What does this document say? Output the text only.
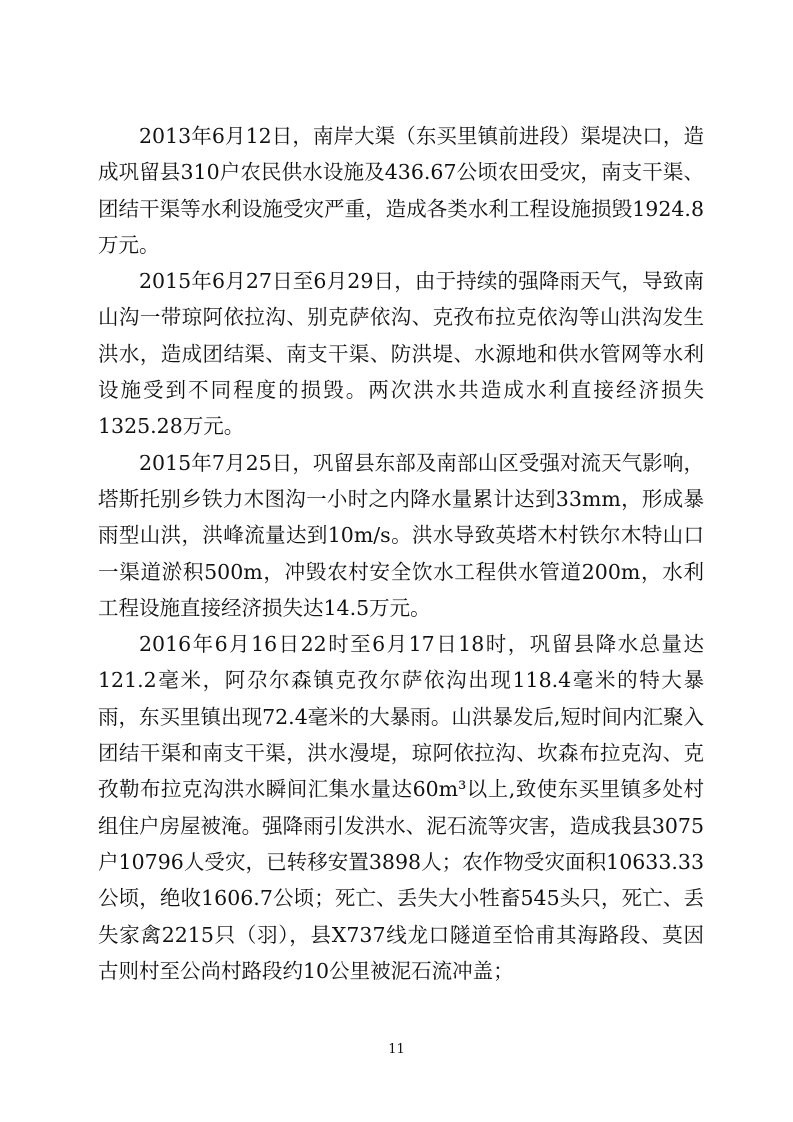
2013年6月12日，南岸大渠（东买里镇前进段）渠堤决口，造成巩留县310户农民供水设施及436.67公顷农田受灾，南支干渠、团结干渠等水利设施受灾严重，造成各类水利工程设施损毁1924.8万元。

2015年6月27日至6月29日，由于持续的强降雨天气，导致南山沟一带琼阿依拉沟、别克萨依沟、克孜布拉克依沟等山洪沟发生洪水，造成团结渠、南支干渠、防洪堤、水源地和供水管网等水利设施受到不同程度的损毁。两次洪水共造成水利直接经济损失1325.28万元。

2015年7月25日，巩留县东部及南部山区受强对流天气影响，塔斯托别乡铁力木图沟一小时之内降水量累计达到33mm，形成暴雨型山洪，洪峰流量达到10m/s。洪水导致英塔木村铁尔木特山口一渠道淤积500m，冲毁农村安全饮水工程供水管道200m，水利工程设施直接经济损失达14.5万元。

2016年6月16日22时至6月17日18时，巩留县降水总量达121.2毫米，阿尕尔森镇克孜尔萨依沟出现118.4毫米的特大暴雨，东买里镇出现72.4毫米的大暴雨。山洪暴发后,短时间内汇聚入团结干渠和南支干渠，洪水漫堤，琼阿依拉沟、坎森布拉克沟、克孜勒布拉克沟洪水瞬间汇集水量达60m³以上,致使东买里镇多处村组住户房屋被淹。强降雨引发洪水、泥石流等灾害，造成我县3075户10796人受灾，已转移安置3898人；农作物受灾面积10633.33公顷，绝收1606.7公顷；死亡、丢失大小牲畜545头只，死亡、丢失家禽2215只（羽），县X737线龙口隧道至恰甫其海路段、莫因古则村至公尚村路段约10公里被泥石流冲盖；

11
